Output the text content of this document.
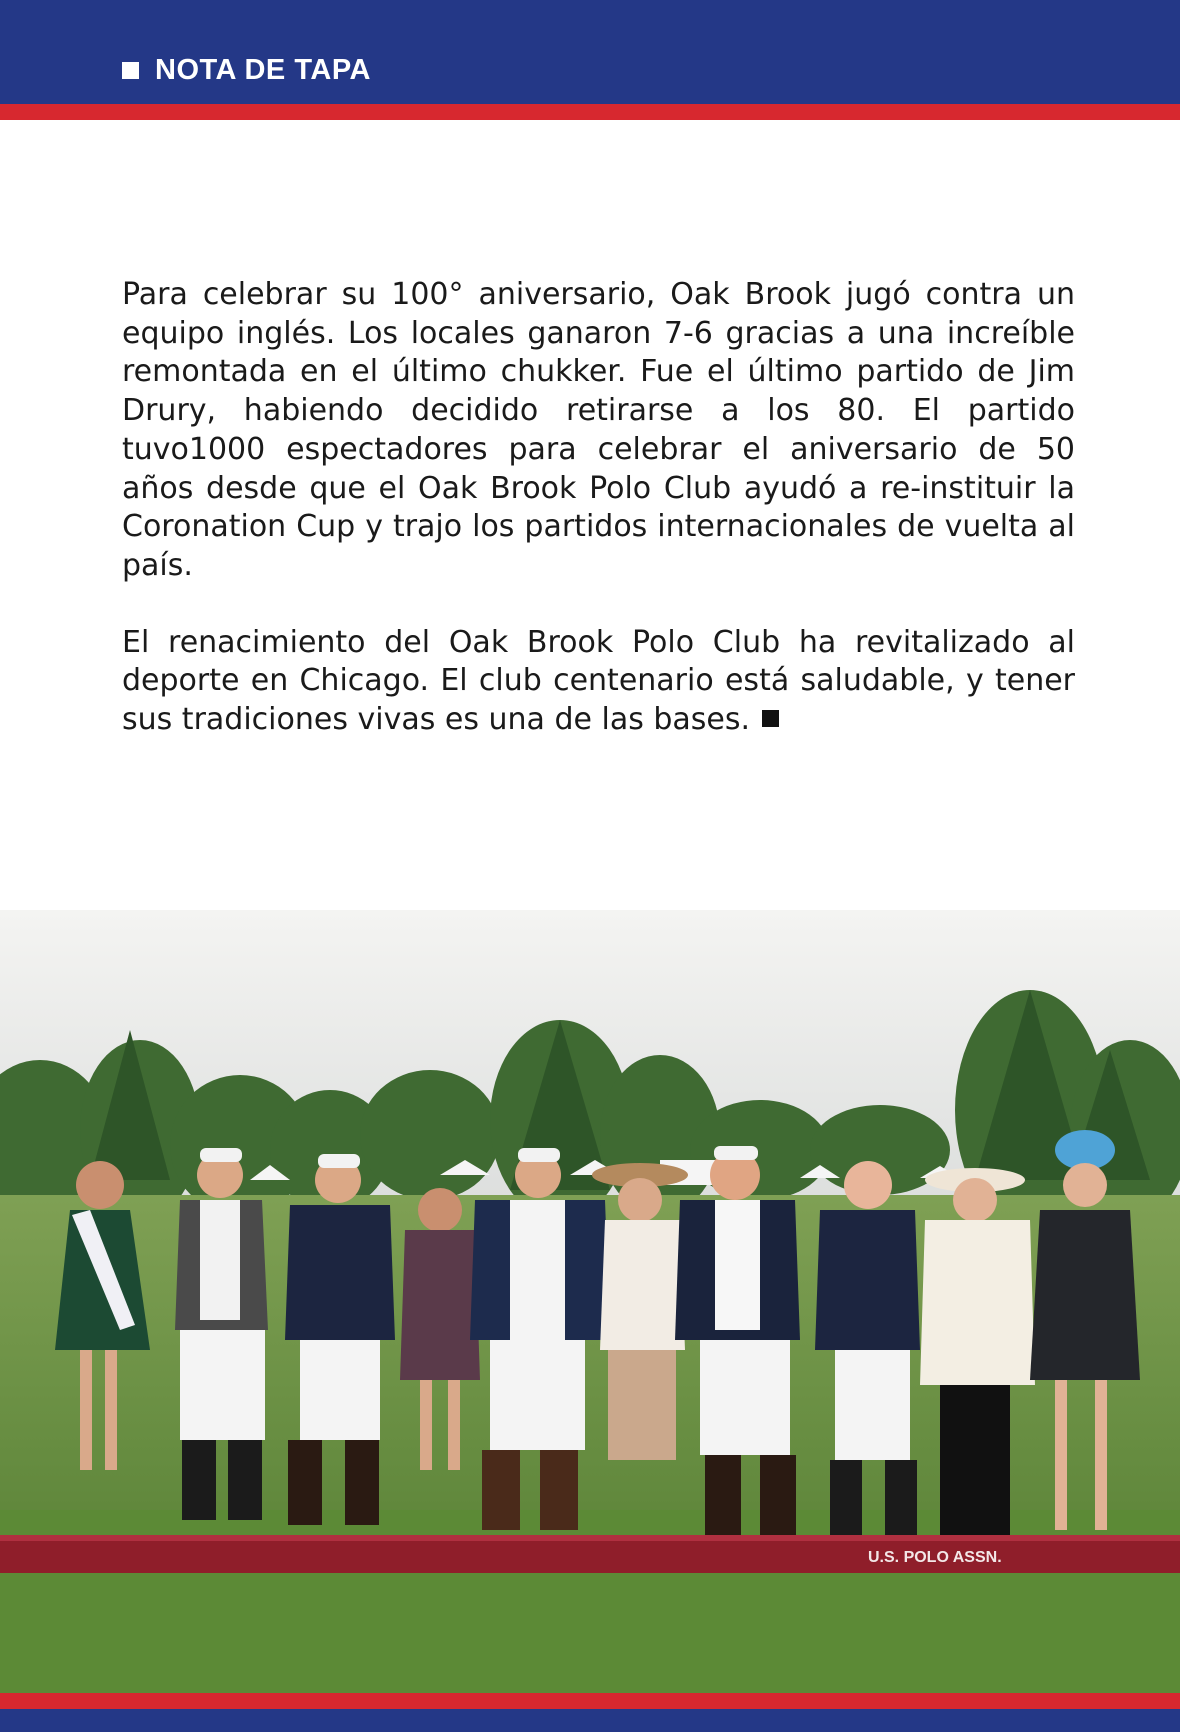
NOTA DE TAPA

Para celebrar su 100° aniversario, Oak Brook jugó contra un equipo inglés. Los locales ganaron 7-6 gracias a una increíble remontada en el último chukker. Fue el último partido de Jim Drury, habiendo decidido retirarse a los 80. El partido tuvo1000 espectadores para celebrar el aniversario de 50 años desde que el Oak Brook Polo Club ayudó a re-instituir la Coronation Cup y trajo los partidos internacionales de vuelta al país.

El renacimiento del Oak Brook Polo Club ha revitalizado al deporte en Chicago. El club centenario está saludable, y tener sus tradiciones vivas es una de las bases.

U.S. POLO ASSN.
